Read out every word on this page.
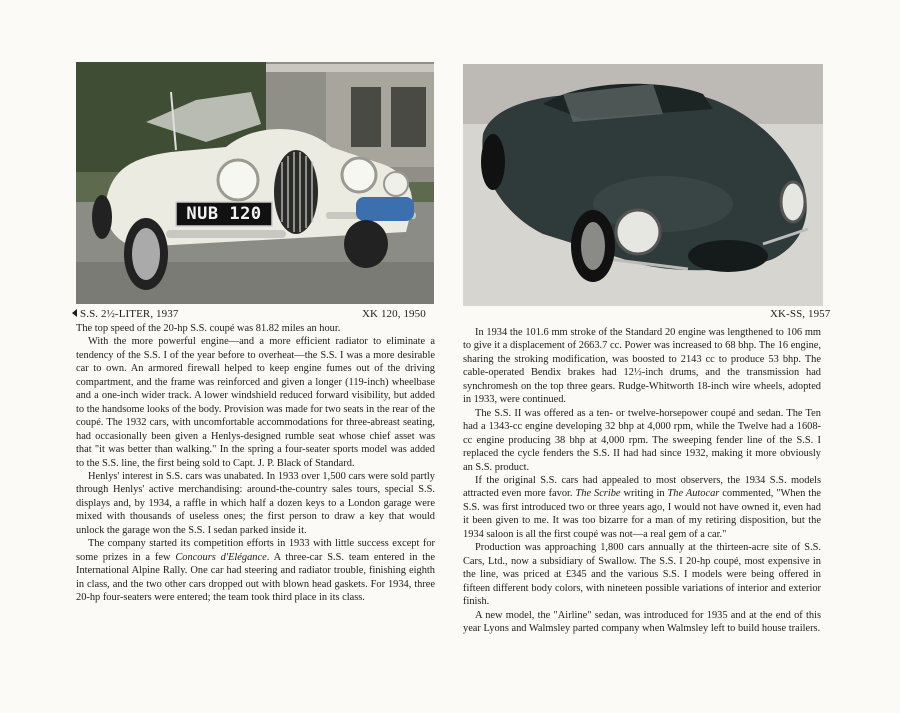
NUB 120
S.S. 2½-LITER, 1937	XK 120, 1950	XK-SS, 1957

The top speed of the 20-hp S.S. coupé was 81.82 miles an hour.

With the more powerful engine—and a more efficient radiator to eliminate a tendency of the S.S. I of the year before to overheat—the S.S. I was a more desirable car to own. An armored firewall helped to keep engine fumes out of the driving compartment, and the frame was reinforced and given a longer (119-inch) wheelbase and a one-inch wider track. A lower windshield reduced forward visibility, but added to the handsome looks of the body. Provision was made for two seats in the rear of the coupé. The 1932 cars, with uncomfortable accommodations for three-abreast seating, had occasionally been given a Henlys-designed rumble seat whose chief asset was that "it was better than walking." In the spring a four-seater sports model was added to the S.S. line, the first being sold to Capt. J. P. Black of Standard.

Henlys' interest in S.S. cars was unabated. In 1933 over 1,500 cars were sold partly through Henlys' active merchandising: around-the-country sales tours, special S.S. displays and, by 1934, a raffle in which half a dozen keys to a London garage were mixed with thousands of useless ones; the first person to draw a key that would unlock the garage won the S.S. I sedan parked inside it.

The company started its competition efforts in 1933 with little success except for some prizes in a few Concours d'Elégance. A three-car S.S. team entered in the International Alpine Rally. One car had steering and radiator trouble, finishing eighth in class, and the two other cars dropped out with blown head gaskets. For 1934, three 20-hp four-seaters were entered; the team took third place in its class.

In 1934 the 101.6 mm stroke of the Standard 20 engine was lengthened to 106 mm to give it a displacement of 2663.7 cc. Power was increased to 68 bhp. The 16 engine, sharing the stroking modification, was boosted to 2143 cc to produce 53 bhp. The cable-operated Bendix brakes had 12½-inch drums, and the transmission had synchromesh on the top three gears. Rudge-Whitworth 18-inch wire wheels, adopted in 1933, were continued.

The S.S. II was offered as a ten- or twelve-horsepower coupé and sedan. The Ten had a 1343-cc engine developing 32 bhp at 4,000 rpm, while the Twelve had a 1608-cc engine producing 38 bhp at 4,000 rpm. The sweeping fender line of the S.S. I replaced the cycle fenders the S.S. II had had since 1932, making it more obviously an S.S. product.

If the original S.S. cars had appealed to most observers, the 1934 S.S. models attracted even more favor. The Scribe writing in The Autocar commented, "When the S.S. was first introduced two or three years ago, I would not have owned it, even had it been given to me. It was too bizarre for a man of my retiring disposition, but the 1934 saloon is all the first coupé was not—a real gem of a car."

Production was approaching 1,800 cars annually at the thirteen-acre site of S.S. Cars, Ltd., now a subsidiary of Swallow. The S.S. I 20-hp coupé, most expensive in the line, was priced at £345 and the various S.S. I models were being offered in fifteen different body colors, with nineteen possible variations of interior and exterior finish.

A new model, the "Airline" sedan, was introduced for 1935 and at the end of this year Lyons and Walmsley parted company when Walmsley left to build house trailers.
